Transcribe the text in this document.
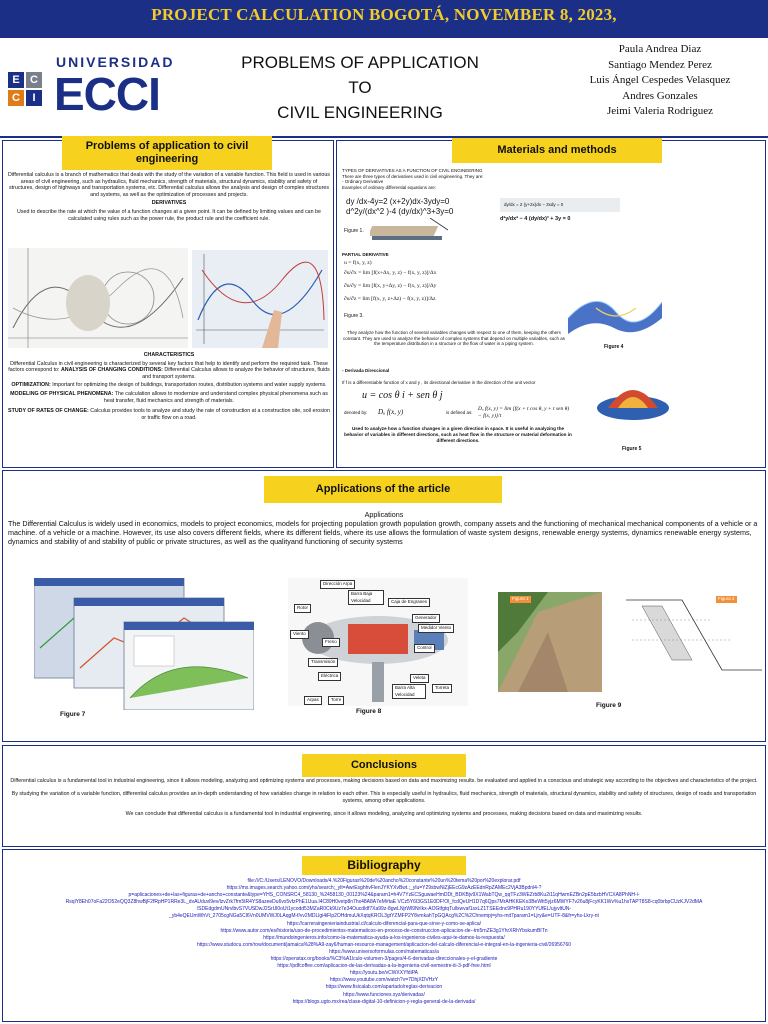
PROJECT CALCULATION BOGOTÁ, NOVEMBER 8, 2023,
E C
C	I
UNIVERSIDAD
ECCI
PROBLEMS OF APPLICATION
TO
CIVIL ENGINEERING
Paula Andrea Diaz
Santiago Mendez Perez
Luis Ángel Cespedes Velasquez
Andres Gonzales
Jeimi Valeria Rodriguez
Problems of application to civil engineering

Differential calculus is a branch of mathematics that deals with the study of the variation of a variable function. This field is used in various areas of civil engineering, such as hydraulics, fluid mechanics, strength of materials, structural dynamics, stability and safety of structures, design of highways and transportation systems, etc. Differential calculus allows the analysis and design of complex structures and systems, as well as the optimization of processes and projects.

DERIVATIVES

Used to describe the rate at which the value of a function changes at a given point. It can be defined by limiting values and can be calculated using rules such as the power rule, the product rule and the coefficient rule.

CHARACTERISTICS

Differential Calculus in civil engineering is characterized by several key factors that help to identify and perform the required task. These factors correspond to: ANALYSIS OF CHANGING CONDITIONS: Differential Calculus allows to analyze the behavior of structures, fluids and transport systems.

OPTIMIZATION: Important for optimizing the design of buildings, transportation routes, distribution systems and water supply systems.

MODELING OF PHYSICAL PHENOMENA: The calculation allows to modernize and understand complex physical phenomena such as heat transfer, fluid mechanics and strength of materials.

STUDY OF RATES OF CHANGE: Calculus provides tools to analyze and study the rate of construction at a construction site, soil erosion or traffic flow on a road.

Materials and methods
TYPES OF DERIVATIVES AS A FUNCTION OF CIVIL ENGINEERING
There are three types of derivatives used in civil engineering. They are:
- Ordinary Derivative
Examples of ordinary differential equations are:
dy /dx-4y=2 (x+2y)dx-3ydy=0
d^2y/(dx^2 )-4 (dy/dx)^3+3y=0
dy/dx = 2 (y+2x)dx − 3xdy = 0
d²y/dx² − 4 (dy/dx)³ + 3y = 0
Figure 1.
PARTIAL DERIVATIVE
u = f(x, y, z)
∂u/∂x = lim [f(x+Δx, y, z) − f(x, y, z)]/Δx
∂u/∂y = lim [f(x, y+Δy, z) − f(x, y, z)]/Δy
∂u/∂z = lim [f(x, y, z+Δz) − f(x, y, z)]/Δz
Figure 3.
Figure 4
They analyze how the function of several variables changes with respect to one of them, keeping the others constant. They are used to analyze the behavior of complex systems that depend on multiple variables, such as the temperature distribution in a structure or the flow of water in a piping system.
- Derivada Direccional
If f is a differentiable function of x and y , its directional derivative in the direction of the unit vector
u = cos θ i + sen θ j
denoted by:	Dᵤ f(x, y)	is defined as:
Dᵤ f(x, y) = lim [f(x + t cos θ, y + t sen θ) − f(x, y)]/t
Used to analyze how a function changes in a given direction in space. It is useful in analyzing the behavior of variables in different directions, such as heat flow in the structure or material deformation in different directions.
Figure 5
Applications of the article
Applications
The Differential Calculus is widely used in economics, models to project economics, models for projecting population growth population growth, company assets and the functioning of mechanical mechanical components of a vehicle or a machine. of a vehicle or a machine. However, its use also covers different fields, where its different fields, where its use allows the formulation of waste system designs, renewable energy systems, dynamics renewable energy systems, dynamics and stability of and stability of public or private structures, as well as the qualityand functioning of security systems
Figure 7
Dirección Arpa
Barra Baja Velocidad	Caja de Engranes
Rotor
Generador
Medidor Viento
Viento
Freno
Control
Transmisión
Eléctrica	Veleta
Barra Alta Velocidad
Torreta
Arpas	Torre
Figure 8
Figura 1	Figura 2
Figure 9
Conclusions

Differential calculus is a fundamental tool in industrial engineering, since it allows modeling, analyzing and optimizing systems and processes, making decisions based on data and maximizing results. be evaluated and applied in a conscious and strategic way according to the objectives and characteristics of the project.

By studying the variation of a variable function, differential calculus provides an in-depth understanding of how variables change in relation to each other. This is especially useful in hydraulics, fluid mechanics, strength of materials, structural dynamics, stability and safety of structures, design of roads and transportation systems, among other applications.

We can conclude that differential calculus is a fundamental tool in industrial engineering, since it allows modeling, analyzing and optimizing systems and processes, making decisions based on data and maximizing results.

Bibliography
file:///C:/Users/LENOVO/Downloads/4.%20Figuras%20de%20ancho%20constante%20un%20tema%20por%20explorar.pdf
https://mx.images.search.yahoo.com/yhs/search;_ylt=AwrEsghhvFlenJYKYXvBwt.;_ylu=Y29sbwNiZjEEcG9zAzEEdnRpZAMEc2VjA3Bpdnl4-?
p=aplicaciones+de+las+figuras+de+ancho+constante&type=YHS_CONSRC4_58130_%2458130_00123%24&param1=h4V7YzECSguwaeHmDDt_BDKBjv9X1WabTQw_qqTFz3WEZrb8Ku2i11qHwmEZBn2pE5bzbHVCXA8PhNH-i-
RsqlY8Eh07oFa22O52eQQ3Z8hwBjF2fRpHP1RRe3L_dvAUduvl9ev/lzvZrk7fm5tR4YS8azeeDu6vx5vfzPhE1Uua.I4C89H0vetp8n7hx48A8A7eM#taE VCz5Y6I3GS1E0DF!OI_fcdQeUH1D7q6Qps7MrAHKKEKo3BeWtt5yjz6MWYF7v26u8jFcyKK1Wv%u1hxTAPT8S8-cq0brbpCUzKJV2dMA
/SDEdgdmUNrvlbvS7VUSDwJ2SrUl0oUt1ycodd53MZaR0Ck9Uz7e34Oucdldf7Xa99z-8gwLNjrWl9NrIkx-AOGtfgtqTullxwvaf1sxLZ1TSEEdnc9PHRu190YYUfEL/ujyvltUN-
_yb4eQEUmWhVt_2705cgNGa5Cl6Vn0UMVWJ0LAqgM-f/vv2MDLlgi4iFlp2OHdmuUkXqtqKROL3gtYZMFP2Y8vmkahTpGQAcg%2C%2Chnempj=yhs-mit7param1=Ljry&e=UTF-8&fr=yhs-Lkry-nt
https://carreraingenieriaindustrial.cl/calculo-diferencial-para-que-sirve-y-como-se-aplica/
https://www.autor.com/es/historia/uso-de-procedimientos-matematicos-en-proceso-de-construccion-aplicacion-de--tm5rnZE3g1YhrXRhYbskumBITn
https://mundoingenieros.info/como-la-matematica-ayuda-a-los-ingenieros-civiles-aqui-te-damos-la-respuesta/
https://www.studocu.com/row/document/jamaica%28%A9-zay6/human-resource-management/aplicacion-del-calculo-diferencial-e-integral-en-la-ingenieria-civil/26956760
https://www.universoformulas.com/matematicas/a
https://openstax.org/books/%C3%A1lculo-volumen-3/pages/4-6-derivadas-direccionales-y-el-gradiente
https://pdfcoffee.com/aplicacion-de-las-derivadas-a-la-ingenieria-civil-semestre-iii-3-pdf-free.html
https://youtu.be/vCWXXYfdiPA
https://www.youtube.com/watch?v=7DhjXDVHzY
https://www.fisicalab.com/apartado/reglas-derivacion
https://www.funciones.xyz/derivadas/
https://blogs.ugto.mx/rea/clase-digital-10-definicion-y-regla-general-de-la-derivada/
